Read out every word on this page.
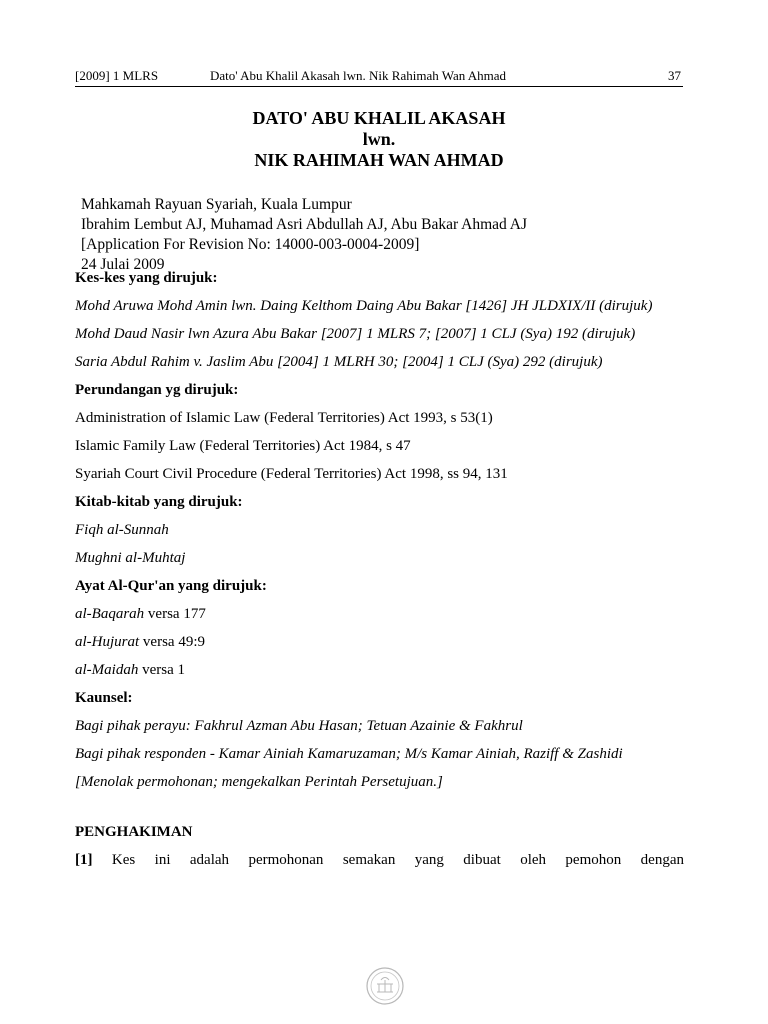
[2009] 1 MLRS	Dato' Abu Khalil Akasah lwn. Nik Rahimah Wan Ahmad	37
DATO' ABU KHALIL AKASAH
lwn.
NIK RAHIMAH WAN AHMAD
Mahkamah Rayuan Syariah, Kuala Lumpur
Ibrahim Lembut AJ, Muhamad Asri Abdullah AJ, Abu Bakar Ahmad AJ
[Application For Revision No: 14000-003-0004-2009]
24 Julai 2009
Kes-kes yang dirujuk:
Mohd Aruwa Mohd Amin lwn. Daing Kelthom Daing Abu Bakar [1426] JH JLDXIX/II (dirujuk)
Mohd Daud Nasir lwn Azura Abu Bakar [2007] 1 MLRS 7; [2007] 1 CLJ (Sya) 192 (dirujuk)
Saria Abdul Rahim v. Jaslim Abu [2004] 1 MLRH 30; [2004] 1 CLJ (Sya) 292 (dirujuk)
Perundangan yg dirujuk:
Administration of Islamic Law (Federal Territories) Act 1993, s 53(1)
Islamic Family Law (Federal Territories) Act 1984, s 47
Syariah Court Civil Procedure (Federal Territories) Act 1998, ss 94, 131
Kitab-kitab yang dirujuk:
Fiqh al-Sunnah
Mughni al-Muhtaj
Ayat Al-Qur'an yang dirujuk:
al-Baqarah versa 177
al-Hujurat versa 49:9
al-Maidah versa 1
Kaunsel:
Bagi pihak perayu: Fakhrul Azman Abu Hasan; Tetuan Azainie & Fakhrul
Bagi pihak responden - Kamar Ainiah Kamaruzaman; M/s Kamar Ainiah, Raziff & Zashidi
[Menolak permohonan; mengekalkan Perintah Persetujuan.]
PENGHAKIMAN

[1] Kes ini adalah permohonan semakan yang dibuat oleh pemohon dengan
